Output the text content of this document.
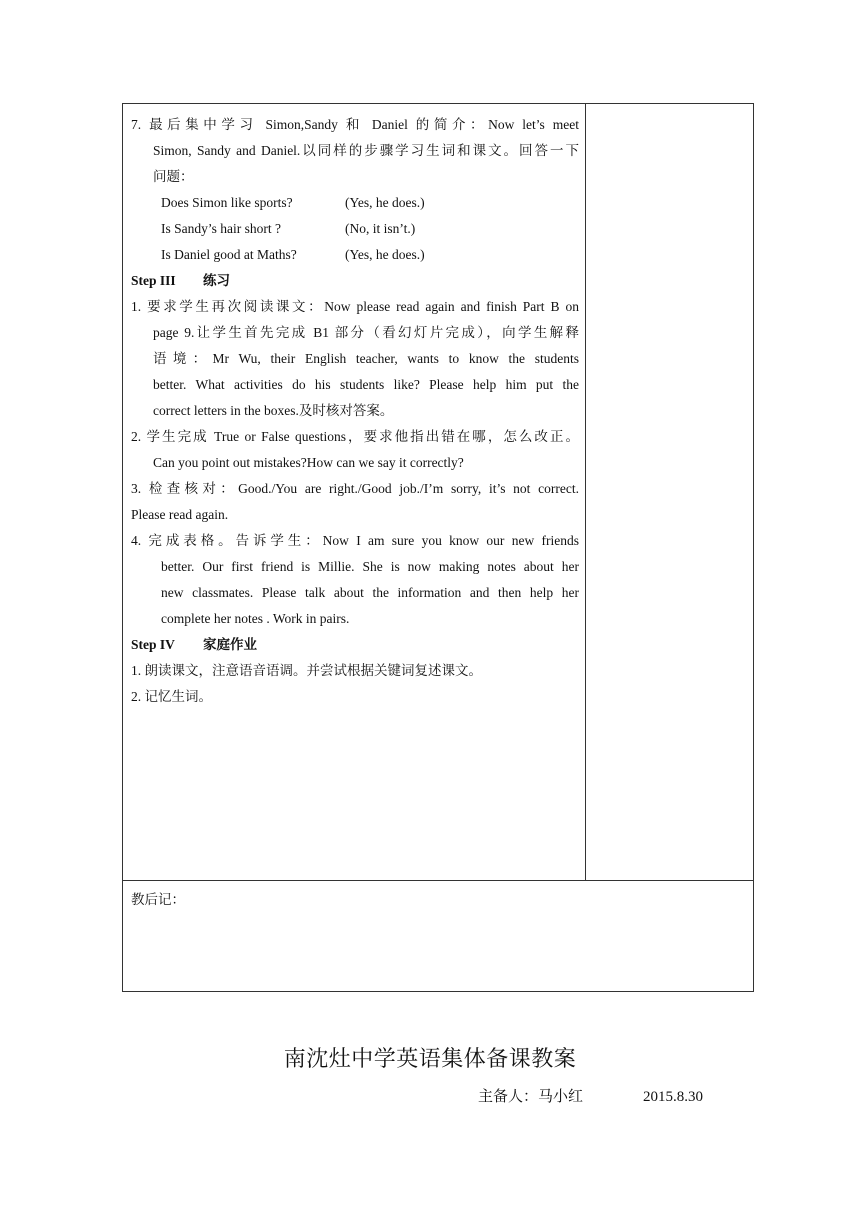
7. 最后集中学习 Simon,Sandy 和 Daniel 的简介：Now let’s meet
Simon, Sandy and Daniel.以同样的步骤学习生词和课文。回答一下
问题：
Does Simon like sports?	(Yes, he does.)
Is Sandy’s hair short ?	(No, it isn’t.)
Is Daniel good at Maths?	(Yes, he does.)
Step III 练习
1. 要求学生再次阅读课文：Now please read again and finish Part B on
page 9.让学生首先完成 B1 部分（看幻灯片完成），向学生解释
语境：Mr Wu, their English teacher, wants to know the students
better. What activities do his students like? Please help him put the
correct letters in the boxes.及时核对答案。
2. 学生完成 True or False questions，要求他指出错在哪，怎么改正。
Can you point out mistakes?How can we say it correctly?
3. 检查核对：Good./You are right./Good job./I’m sorry, it’s not correct.
Please read again.
4. 完成表格。告诉学生：Now I am sure you know our new friends
better. Our first friend is Millie. She is now making notes about her
new classmates. Please talk about the information and then help her
complete her notes . Work in pairs.
Step IV 家庭作业
1. 朗读课文，注意语音语调。并尝试根据关键词复述课文。
2. 记忆生词。
教后记：
南沈灶中学英语集体备课教案
主备人：马小红	2015.8.30
